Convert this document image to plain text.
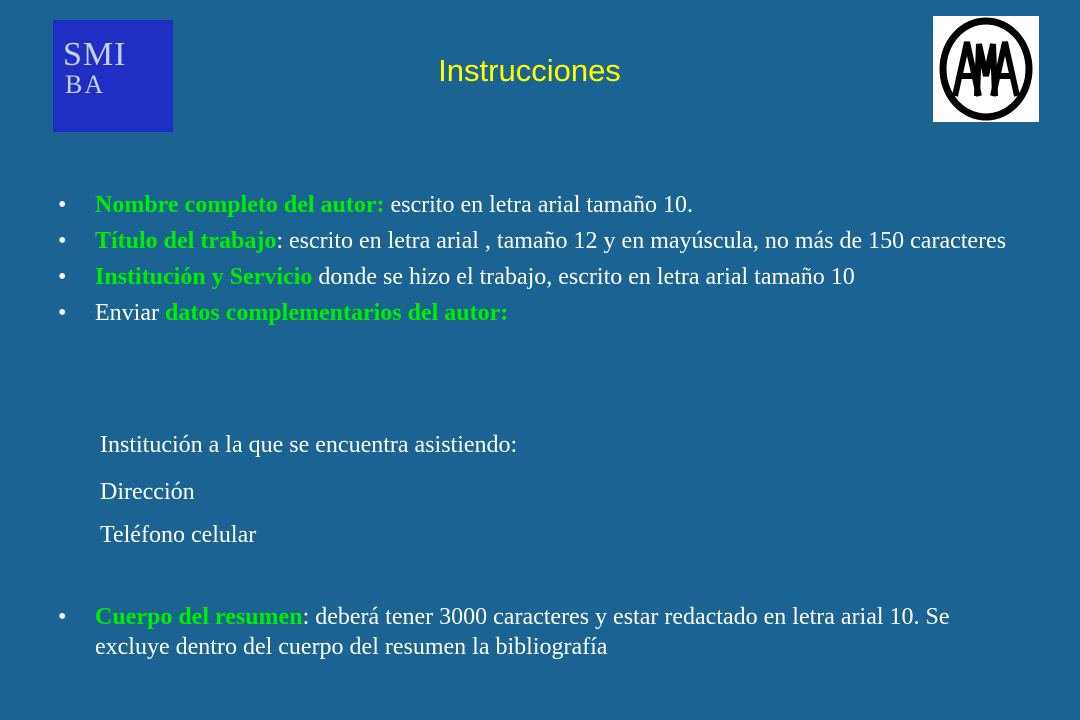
SMI
BA	Instrucciones
• Nombre completo del autor: escrito en letra arial tamaño 10.
• Título del trabajo: escrito en letra arial , tamaño 12 y en mayúscula, no más de 150 caracteres
• Institución y Servicio donde se hizo el trabajo, escrito en letra arial tamaño 10
• Enviar datos complementarios del autor:
Institución a la que se encuentra asistiendo:
Dirección
Teléfono celular
• Cuerpo del resumen: deberá tener 3000 caracteres y estar redactado en letra arial 10. Se excluye dentro del cuerpo del resumen la bibliografía
